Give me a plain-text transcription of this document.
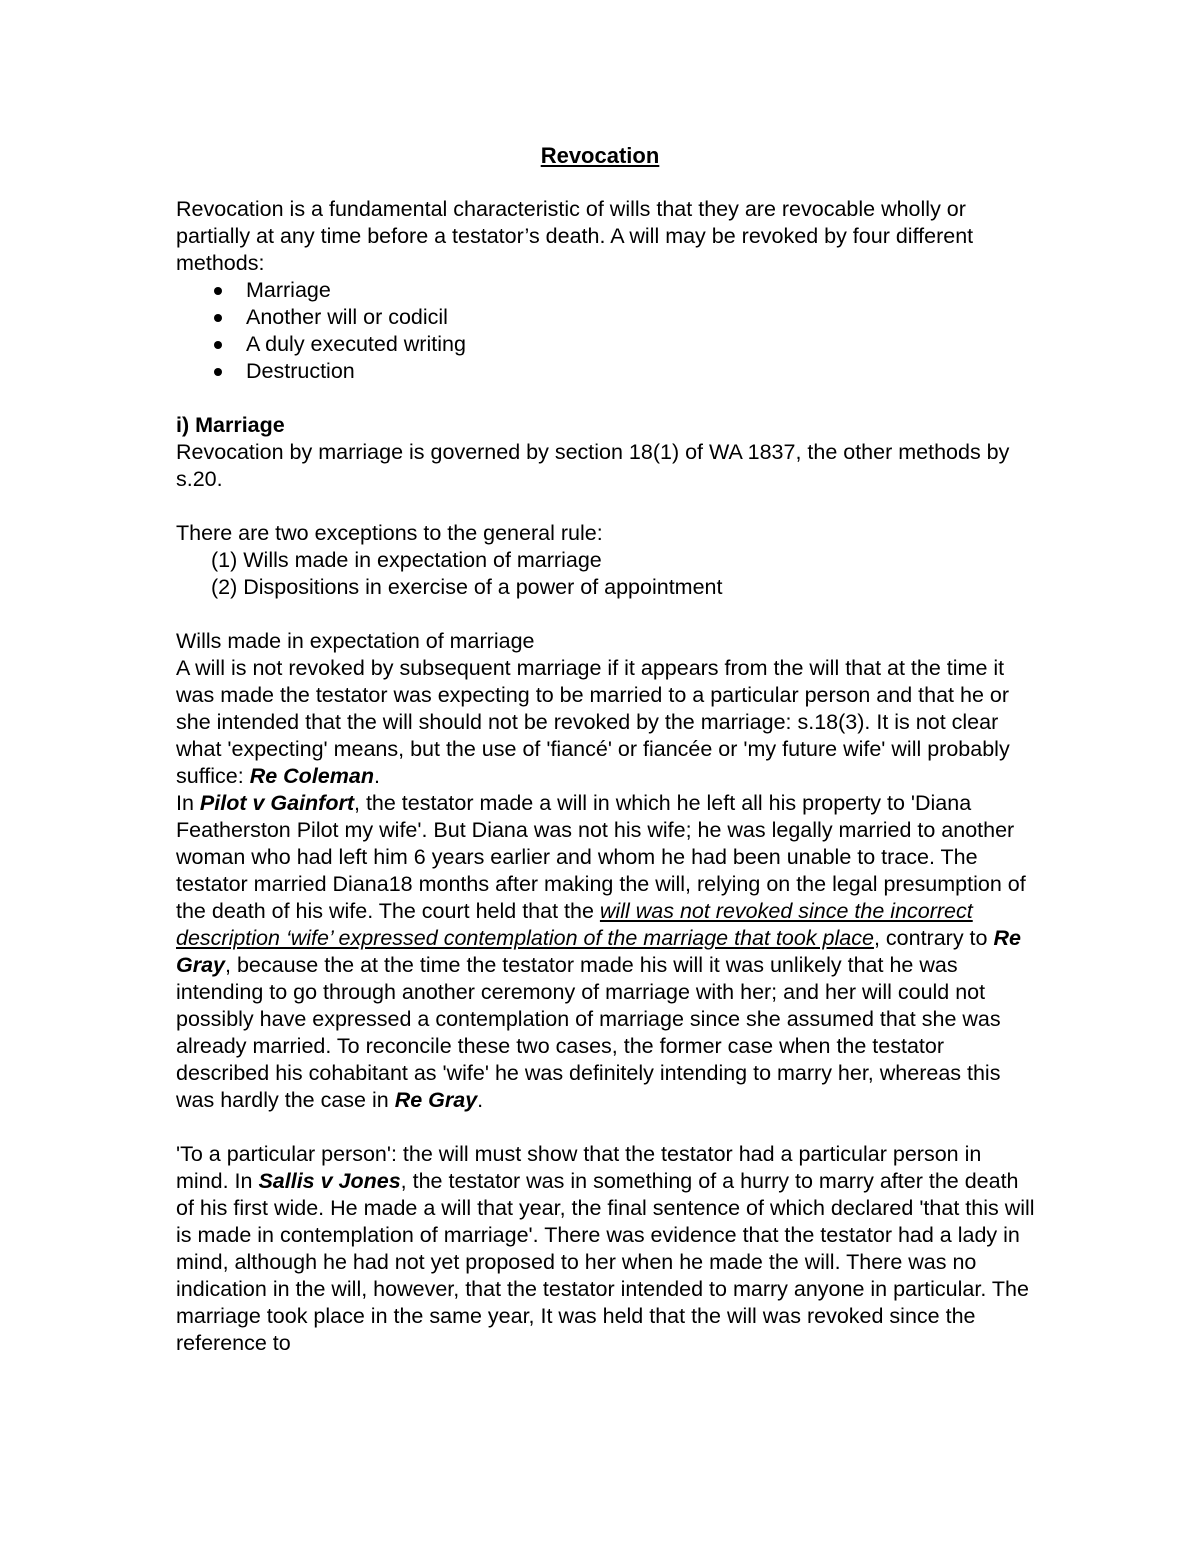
Revocation

Revocation is a fundamental characteristic of wills that they are revocable wholly or partially at any time before a testator’s death. A will may be revoked by four different methods:

Marriage
Another will or codicil
A duly executed writing
Destruction

i) Marriage

Revocation by marriage is governed by section 18(1) of WA 1837, the other methods by s.20.

There are two exceptions to the general rule:

(1) Wills made in expectation of marriage
(2) Dispositions in exercise of a power of appointment

Wills made in expectation of marriage

A will is not revoked by subsequent marriage if it appears from the will that at the time it was made the testator was expecting to be married to a particular person and that he or she intended that the will should not be revoked by the marriage: s.18(3). It is not clear what 'expecting' means, but the use of 'fiancé' or fiancée or 'my future wife' will probably suffice: Re Coleman.

In Pilot v Gainfort, the testator made a will in which he left all his property to 'Diana Featherston Pilot my wife'. But Diana was not his wife; he was legally married to another woman who had left him 6 years earlier and whom he had been unable to trace. The testator married Diana18 months after making the will, relying on the legal presumption of the death of his wife. The court held that the will was not revoked since the incorrect description ‘wife’ expressed contemplation of the marriage that took place, contrary to Re Gray, because the at the time the testator made his will it was unlikely that he was intending to go through another ceremony of marriage with her; and her will could not possibly have expressed a contemplation of marriage since she assumed that she was already married. To reconcile these two cases, the former case when the testator described his cohabitant as 'wife' he was definitely intending to marry her, whereas this was hardly the case in Re Gray.

'To a particular person': the will must show that the testator had a particular person in mind. In Sallis v Jones, the testator was in something of a hurry to marry after the death of his first wide. He made a will that year, the final sentence of which declared 'that this will is made in contemplation of marriage'. There was evidence that the testator had a lady in mind, although he had not yet proposed to her when he made the will. There was no indication in the will, however, that the testator intended to marry anyone in particular. The marriage took place in the same year, It was held that the will was revoked since the reference to
